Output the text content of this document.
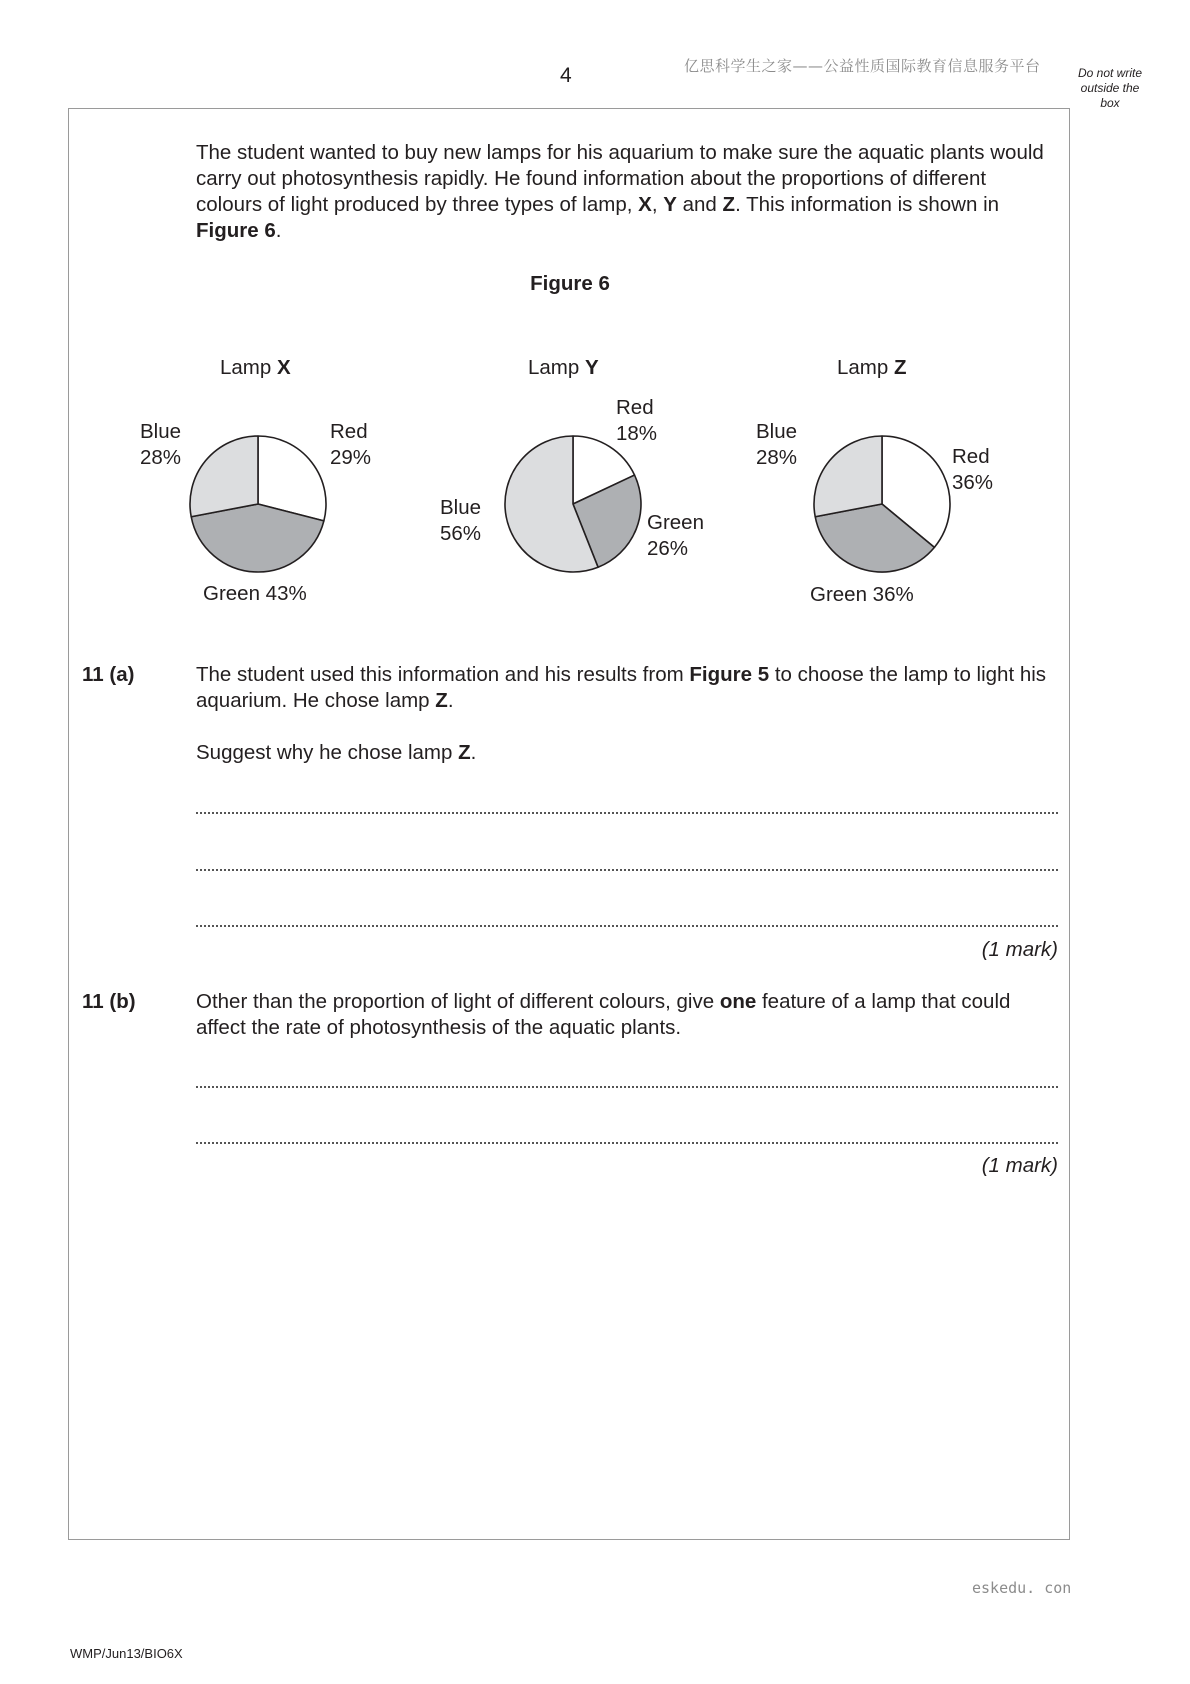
4	亿思科学生之家——公益性质国际教育信息服务平台	Do not write outside the box
The student wanted to buy new lamps for his aquarium to make sure the aquatic plants would carry out photosynthesis rapidly. He found information about the proportions of different colours of light produced by three types of lamp, X, Y and Z. This information is shown in Figure 6.
Figure 6
Lamp X
Red
29%
Blue
28%
Green 43%
Lamp Y
Red
18%
Green
26%
Blue
56%
Lamp Z
Red
36%
Blue
28%
Green 36%
11 (a)	The student used this information and his results from Figure 5 to choose the lamp to light his aquarium. He chose lamp Z.
Suggest why he chose lamp Z.
(1 mark)
11 (b)	Other than the proportion of light of different colours, give one feature of a lamp that could affect the rate of photosynthesis of the aquatic plants.
(1 mark)
eskedu. con
WMP/Jun13/BIO6X
